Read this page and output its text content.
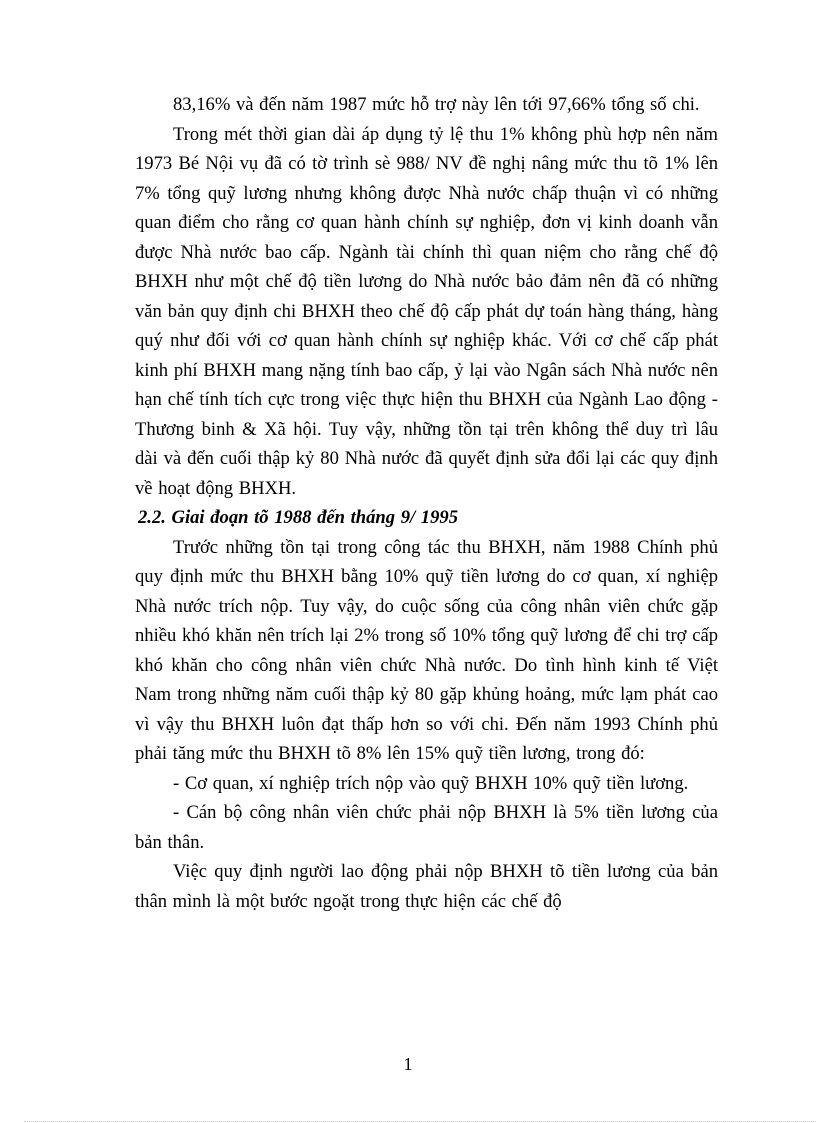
83,16% và đến năm 1987 mức hỗ trợ này lên tới 97,66% tổng số chi.

Trong mét thời gian dài áp dụng tỷ lệ thu 1% không phù hợp nên năm 1973 Bé Nội vụ đã có tờ trình sè 988/ NV đề nghị nâng mức thu tõ 1% lên 7% tổng quỹ lương nhưng không được Nhà nước chấp thuận vì có những quan điểm cho rằng cơ quan hành chính sự nghiệp, đơn vị kinh doanh vẫn được Nhà nước bao cấp. Ngành tài chính thì quan niệm cho rằng chế độ BHXH như một chế độ tiền lương do Nhà nước bảo đảm nên đã có những văn bản quy định chi BHXH theo chế độ cấp phát dự toán hàng tháng, hàng quý như đối với cơ quan hành chính sự nghiệp khác. Với cơ chế cấp phát kinh phí BHXH mang nặng tính bao cấp, ỷ lại vào Ngân sách Nhà nước nên hạn chế tính tích cực trong việc thực hiện thu BHXH của Ngành Lao động - Thương binh & Xã hội. Tuy vậy, những tồn tại trên không thể duy trì lâu dài và đến cuối thập kỷ 80 Nhà nước đã quyết định sửa đổi lại các quy định về hoạt động BHXH.

2.2. Giai đoạn tõ 1988 đến tháng 9/ 1995

Trước những tồn tại trong công tác thu BHXH, năm 1988 Chính phủ quy định mức thu BHXH bằng 10% quỹ tiền lương do cơ quan, xí nghiệp Nhà nước trích nộp. Tuy vậy, do cuộc sống của công nhân viên chức gặp nhiều khó khăn nên trích lại 2% trong số 10% tổng quỹ lương để chi trợ cấp khó khăn cho công nhân viên chức Nhà nước. Do tình hình kinh tế Việt Nam trong những năm cuối thập kỷ 80 gặp khủng hoảng, mức lạm phát cao vì vậy thu BHXH luôn đạt thấp hơn so với chi. Đến năm 1993 Chính phủ phải tăng mức thu BHXH tõ 8% lên 15% quỹ tiền lương, trong đó:

- Cơ quan, xí nghiệp trích nộp vào quỹ BHXH 10% quỹ tiền lương.

- Cán bộ công nhân viên chức phải nộp BHXH là 5% tiền lương của bản thân.

Việc quy định người lao động phải nộp BHXH tõ tiền lương của bản thân mình là một bước ngoặt trong thực hiện các chế độ

1
